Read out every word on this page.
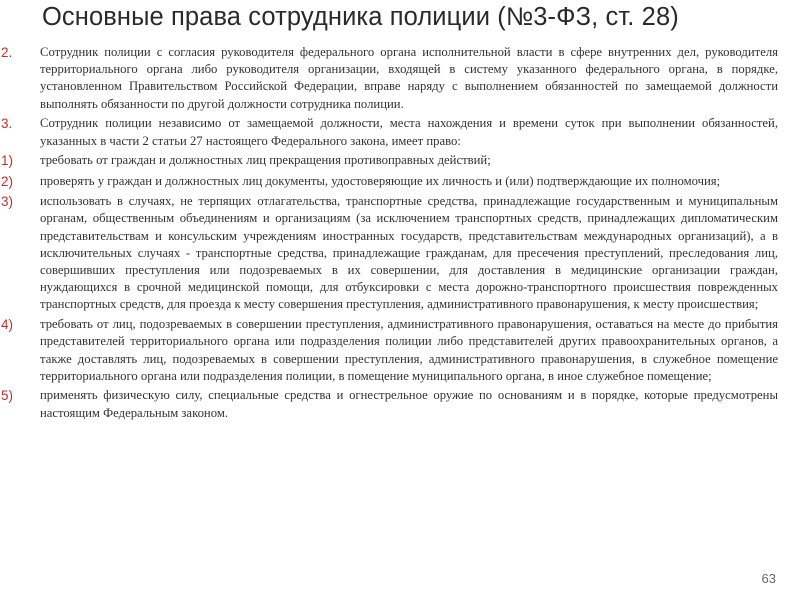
Основные права сотрудника полиции (№3-ФЗ, ст. 28)
2.	Сотрудник полиции с согласия руководителя федерального органа исполнительной власти в сфере внутренних дел, руководителя территориального органа либо руководителя организации, входящей в систему указанного федерального органа, в порядке, установленном Правительством Российской Федерации, вправе наряду с выполнением обязанностей по замещаемой должности выполнять обязанности по другой должности сотрудника полиции.
3.	Сотрудник полиции независимо от замещаемой должности, места нахождения и времени суток при выполнении обязанностей, указанных в части 2 статьи 27 настоящего Федерального закона, имеет право:
1)	требовать от граждан и должностных лиц прекращения противоправных действий;
2)	проверять у граждан и должностных лиц документы, удостоверяющие их личность и (или) подтверждающие их полномочия;
3)	использовать в случаях, не терпящих отлагательства, транспортные средства, принадлежащие государственным и муниципальным органам, общественным объединениям и организациям (за исключением транспортных средств, принадлежащих дипломатическим представительствам и консульским учреждениям иностранных государств, представительствам международных организаций), а в исключительных случаях - транспортные средства, принадлежащие гражданам, для пресечения преступлений, преследования лиц, совершивших преступления или подозреваемых в их совершении, для доставления в медицинские организации граждан, нуждающихся в срочной медицинской помощи, для отбуксировки с места дорожно-транспортного происшествия поврежденных транспортных средств, для проезда к месту совершения преступления, административного правонарушения, к месту происшествия;
4)	требовать от лиц, подозреваемых в совершении преступления, административного правонарушения, оставаться на месте до прибытия представителей территориального органа или подразделения полиции либо представителей других правоохранительных органов, а также доставлять лиц, подозреваемых в совершении преступления, административного правонарушения, в служебное помещение территориального органа или подразделения полиции, в помещение муниципального органа, в иное служебное помещение;
5)	применять физическую силу, специальные средства и огнестрельное оружие по основаниям и в порядке, которые предусмотрены настоящим Федеральным законом.
63
